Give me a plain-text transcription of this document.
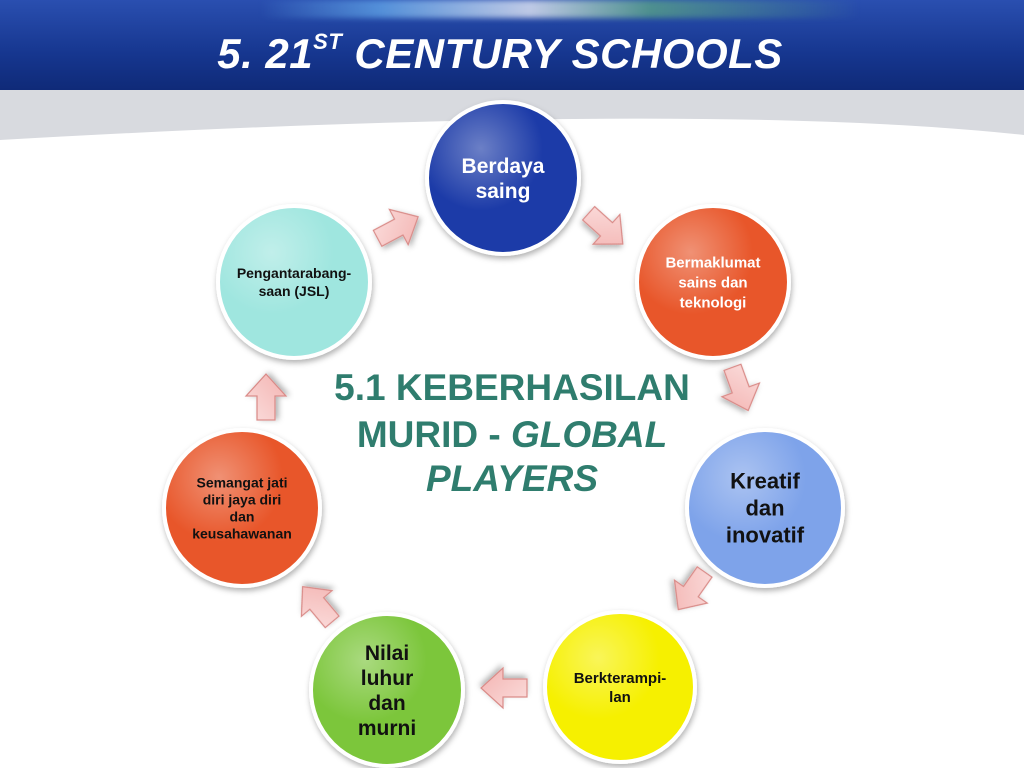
5. 21ST CENTURY SCHOOLS
Berdaya
saing
Bermaklumat
sains dan
teknologi
Kreatif
dan
inovatif
Berkterampi-
lan
Nilai
luhur
dan
murni
Semangat jati
diri jaya diri
dan
keusahawanan
Pengantarabang-
saan (JSL)
5.1 KEBERHASILAN
MURID - GLOBAL
PLAYERS
www.themegallery.com
